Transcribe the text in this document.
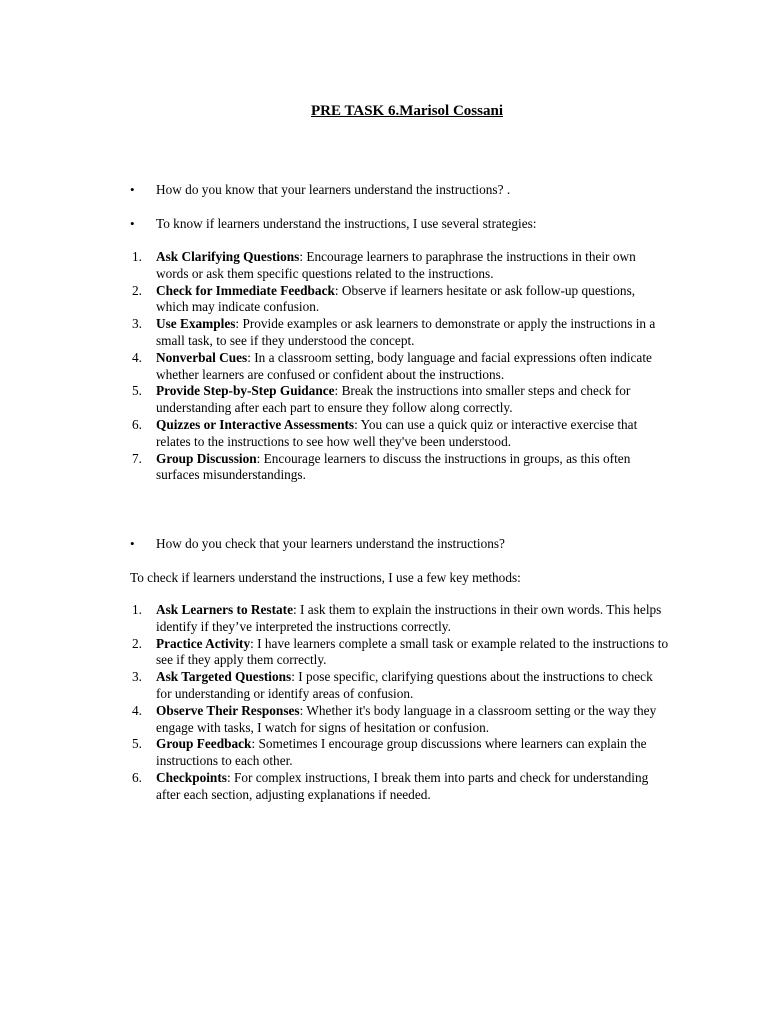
PRE TASK 6.Marisol Cossani
•	How do you know that your learners understand the instructions? .
•	To know if learners understand the instructions, I use several strategies:
1. Ask Clarifying Questions: Encourage learners to paraphrase the instructions in their own words or ask them specific questions related to the instructions.
2. Check for Immediate Feedback: Observe if learners hesitate or ask follow-up questions, which may indicate confusion.
3. Use Examples: Provide examples or ask learners to demonstrate or apply the instructions in a small task, to see if they understood the concept.
4. Nonverbal Cues: In a classroom setting, body language and facial expressions often indicate whether learners are confused or confident about the instructions.
5. Provide Step-by-Step Guidance: Break the instructions into smaller steps and check for understanding after each part to ensure they follow along correctly.
6. Quizzes or Interactive Assessments: You can use a quick quiz or interactive exercise that relates to the instructions to see how well they've been understood.
7. Group Discussion: Encourage learners to discuss the instructions in groups, as this often surfaces misunderstandings.
•	How do you check that your learners understand the instructions?
To check if learners understand the instructions, I use a few key methods:
1. Ask Learners to Restate: I ask them to explain the instructions in their own words. This helps identify if they’ve interpreted the instructions correctly.
2. Practice Activity: I have learners complete a small task or example related to the instructions to see if they apply them correctly.
3. Ask Targeted Questions: I pose specific, clarifying questions about the instructions to check for understanding or identify areas of confusion.
4. Observe Their Responses: Whether it's body language in a classroom setting or the way they engage with tasks, I watch for signs of hesitation or confusion.
5. Group Feedback: Sometimes I encourage group discussions where learners can explain the instructions to each other.
6. Checkpoints: For complex instructions, I break them into parts and check for understanding after each section, adjusting explanations if needed.
